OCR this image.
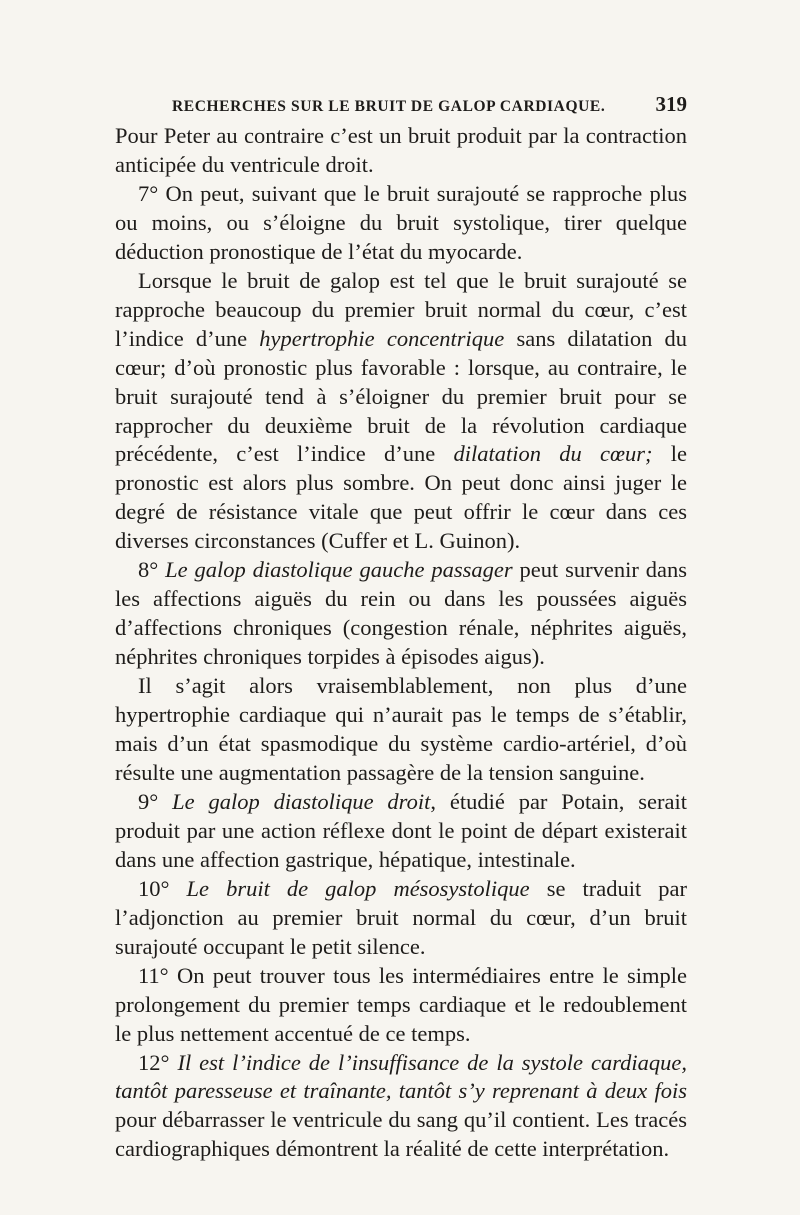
RECHERCHES SUR LE BRUIT DE GALOP CARDIAQUE. 319

Pour Peter au contraire c’est un bruit produit par la contraction anticipée du ventricule droit.

7° On peut, suivant que le bruit surajouté se rapproche plus ou moins, ou s’éloigne du bruit systolique, tirer quelque déduction pronostique de l’état du myocarde.

Lorsque le bruit de galop est tel que le bruit surajouté se rapproche beaucoup du premier bruit normal du cœur, c’est l’indice d’une hypertrophie concentrique sans dilatation du cœur; d’où pronostic plus favorable : lorsque, au contraire, le bruit surajouté tend à s’éloigner du premier bruit pour se rapprocher du deuxième bruit de la révolution cardiaque précédente, c’est l’indice d’une dilatation du cœur; le pronostic est alors plus sombre. On peut donc ainsi juger le degré de résistance vitale que peut offrir le cœur dans ces diverses circonstances (Cuffer et L. Guinon).

8° Le galop diastolique gauche passager peut survenir dans les affections aiguës du rein ou dans les poussées aiguës d’affections chroniques (congestion rénale, néphrites aiguës, néphrites chroniques torpides à épisodes aigus).

Il s’agit alors vraisemblablement, non plus d’une hypertrophie cardiaque qui n’aurait pas le temps de s’établir, mais d’un état spasmodique du système cardio-artériel, d’où résulte une augmentation passagère de la tension sanguine.

9° Le galop diastolique droit, étudié par Potain, serait produit par une action réflexe dont le point de départ existerait dans une affection gastrique, hépatique, intestinale.

10° Le bruit de galop mésosystolique se traduit par l’adjonction au premier bruit normal du cœur, d’un bruit surajouté occupant le petit silence.

11° On peut trouver tous les intermédiaires entre le simple prolongement du premier temps cardiaque et le redoublement le plus nettement accentué de ce temps.

12° Il est l’indice de l’insuffisance de la systole cardiaque, tantôt paresseuse et traînante, tantôt s’y reprenant à deux fois pour débarrasser le ventricule du sang qu’il contient. Les tracés cardiographiques démontrent la réalité de cette interprétation.
